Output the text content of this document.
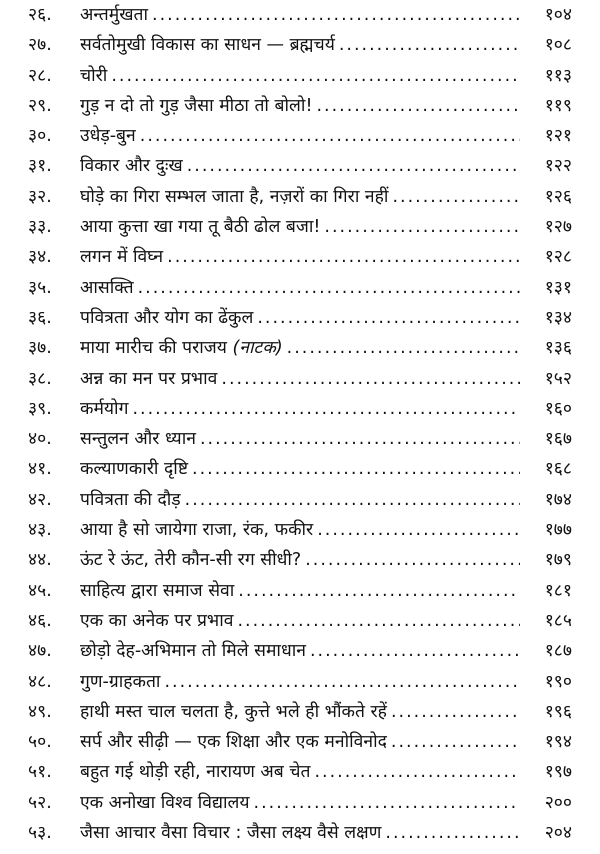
२६.	अन्तर्मुखता .....	१०४
२७.	सर्वतोमुखी विकास का साधन — ब्रह्मचर्य .....	१०८
२८.	चोरी .....	११३
२९.	गुड़ न दो तो गुड़ जैसा मीठा तो बोलो! .....	११९
३०.	उधेड़-बुन .....	१२१
३१.	विकार और दुःख .....	१२२
३२.	घोड़े का गिरा सम्भल जाता है, नज़रों का गिरा नहीं .....	१२६
३३.	आया कुत्ता खा गया तू बैठी ढोल बजा! .....	१२७
३४.	लगन में विघ्न .....	१२८
३५.	आसक्ति .....	१३१
३६.	पवित्रता और योग का ढेंकुल .....	१३४
३७.	माया मारीच की पराजय (नाटक) .....	१३६
३८.	अन्न का मन पर प्रभाव .....	१५२
३९.	कर्मयोग .....	१६०
४०.	सन्तुलन और ध्यान .....	१६७
४१.	कल्याणकारी दृष्टि .....	१६८
४२.	पवित्रता की दौड़ .....	१७४
४३.	आया है सो जायेगा राजा, रंक, फकीर .....	१७७
४४.	ऊंट रे ऊंट, तेरी कौन-सी रग सीधी? .....	१७९
४५.	साहित्य द्वारा समाज सेवा .....	१८१
४६.	एक का अनेक पर प्रभाव .....	१८५
४७.	छोड़ो देह-अभिमान तो मिले समाधान .....	१८७
४८.	गुण-ग्राहकता .....	१९०
४९.	हाथी मस्त चाल चलता है, कुत्ते भले ही भौंकते रहें .....	१९६
५०.	सर्प और सीढ़ी — एक शिक्षा और एक मनोविनोद .....	१९४
५१.	बहुत गई थोड़ी रही, नारायण अब चेत .....	१९७
५२.	एक अनोखा विश्व विद्यालय .....	२००
५३.	जैसा आचार वैसा विचार : जैसा लक्ष्य वैसे लक्षण .....	२०४
